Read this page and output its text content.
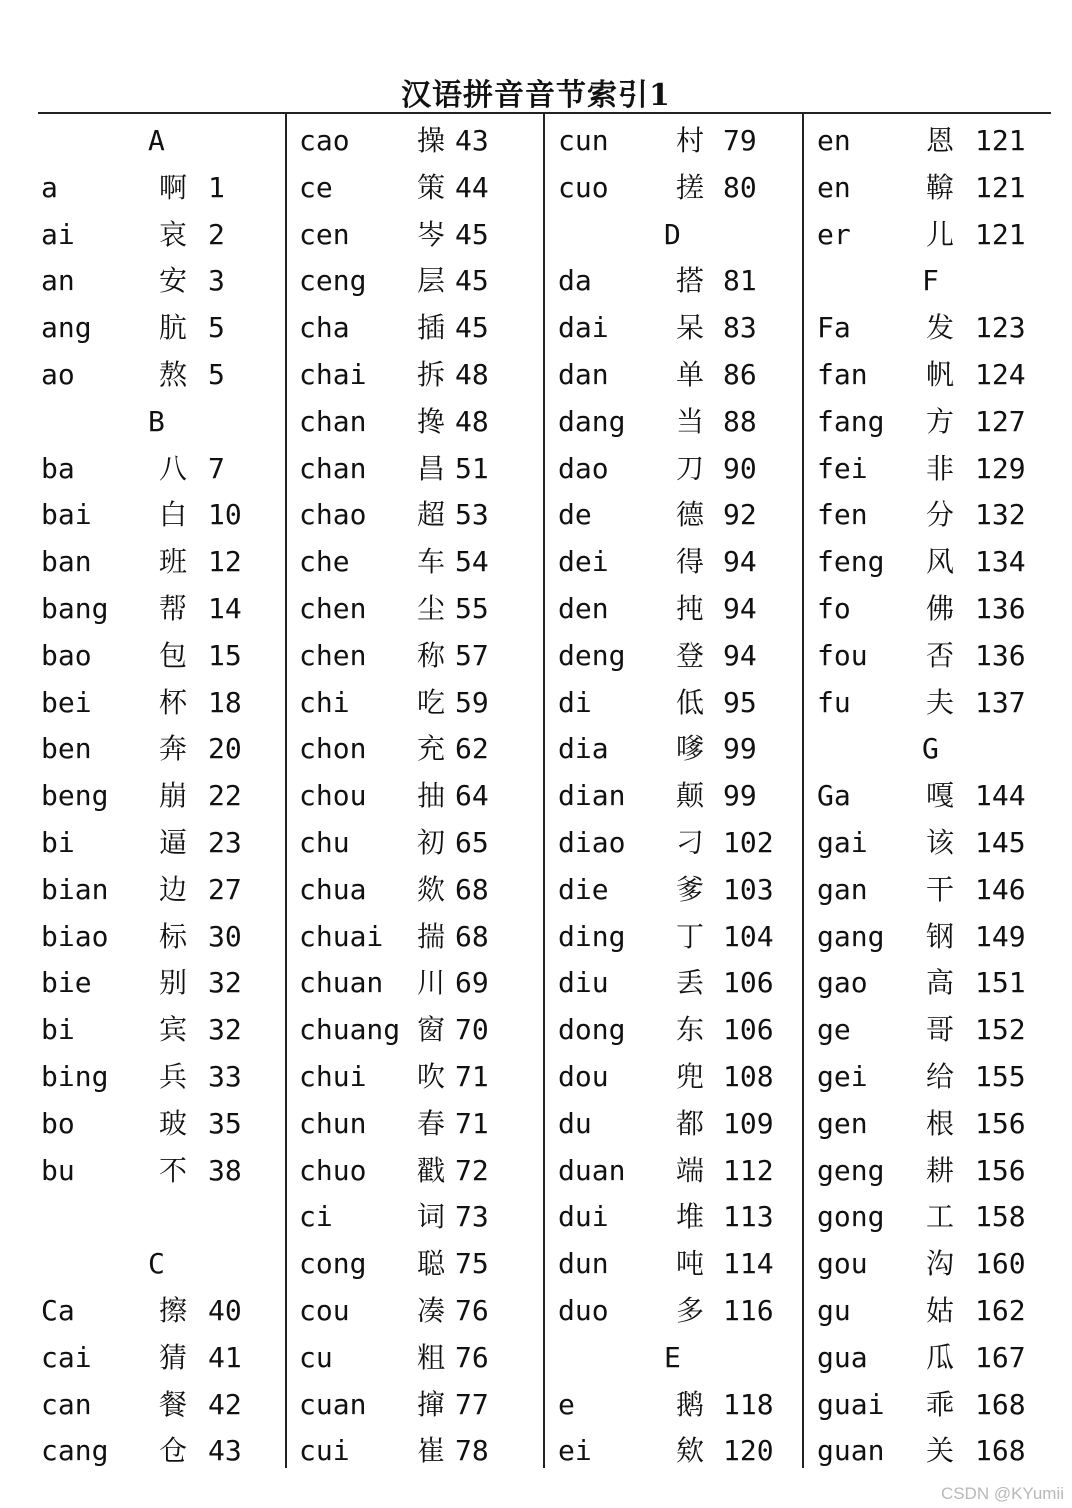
汉语拼音音节索引1
A
a	啊 1
ai	哀 2
an	安 3
ang 肮 5
ao	熬 5
B
ba	八 7
bai 白 10
ban 班 12
bang 帮 14
bao 包 15
bei 杯 18
ben 奔 20
beng 崩 22
bi	逼 23
bian 边 27
biao 标 30
bie 别 32
bi	宾 32
bing 兵 33
bo	玻 35
bu	不 38
C
Ca	擦 40
cai 猜 41
can 餐 42
cang 仓 43
cao 操 43
ce	策 44
cen 岑 45
ceng 层 45
cha 插 45
chai 拆 48
chan 搀 48
chan 昌 51
chao 超 53
che 车 54
chen 尘 55
chen 称 57
chi 吃 59
chon 充 62
chou 抽 64
chu 初 65
chua 欻 68
chuai 揣 68
chuan 川 69
chuang 窗 70
chui 吹 71
chun 春 71
chuo 戳 72
ci	词 73
cong 聪 75
cou 凑 76
cu	粗 76
cuan 撺 77
cui 崔 78
cun 村 79
cuo 搓 80
D
da	搭 81
dai 呆 83
dan 单 86
dang 当 88
dao 刀 90
de	德 92
dei 得 94
den 扽 94
deng 登 94
di	低 95
dia 嗲 99
dian 颠 99
diao 刁 102
die 爹 103
ding 丁 104
diu 丢 106
dong 东 106
dou 兜 108
du	都 109
duan 端 112
dui 堆 113
dun 吨 114
duo 多 116
E
e	鹅 118
ei	欸 120
en	恩 121
en	鞥 121
er	儿 121
F
Fa	发 123
fan 帆 124
fang 方 127
fei 非 129
fen 分 132
feng 风 134
fo	佛 136
fou 否 136
fu	夫 137
G
Ga	嘎 144
gai 该 145
gan 干 146
gang 钢 149
gao 高 151
ge	哥 152
gei 给 155
gen 根 156
geng 耕 156
gong 工 158
gou 沟 160
gu	姑 162
gua 瓜 167
guai 乖 168
guan 关 168
CSDN @KYumii
